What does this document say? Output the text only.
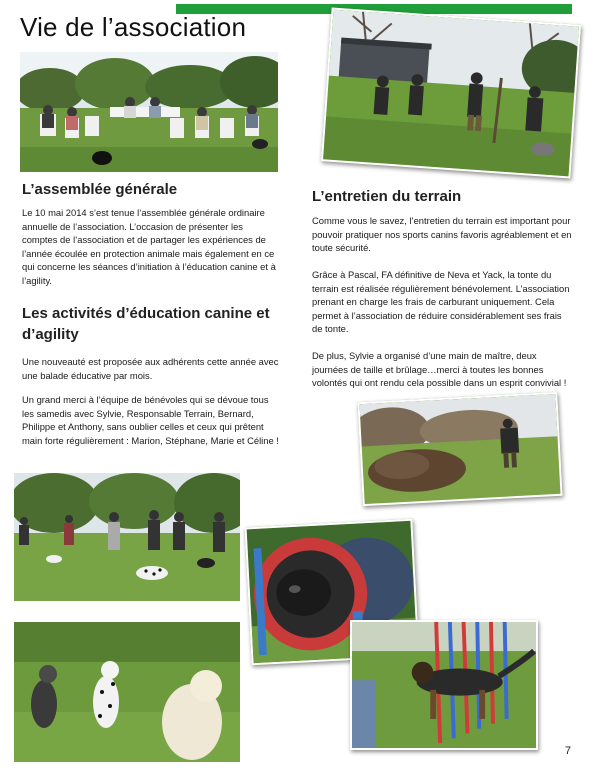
Vie de l’association
L’assemblée générale

Le 10 mai 2014 s’est tenue l’assemblée générale ordinaire annuelle de l’association. L’occasion de présenter les comptes de l’association et de partager les expériences de l’année écoulée en protection animale mais également en ce qui concerne les séances d’initiation à l’éducation canine et à l’agility.

Les activités d’éducation canine et d’agility

Une nouveauté est proposée aux adhérents cette année avec une balade éducative par mois.

Un grand merci à l’équipe de bénévoles qui se dévoue tous les samedis avec Sylvie, Responsable Terrain, Bernard, Philippe et Anthony, sans oublier celles et ceux qui prêtent main forte régulièrement : Marion, Stéphane, Marie et Céline !

L’entretien du terrain

Comme vous le savez, l’entretien du terrain est important pour pouvoir pratiquer nos sports canins favoris agréablement et en toute sécurité.

Grâce à Pascal, FA définitive de Neva et Yack, la tonte du terrain est réalisée régulièrement bénévolement. L’association prenant en charge les frais de carburant uniquement. Cela permet à l’association de réduire considérablement ses frais de tonte.

De plus, Sylvie a organisé d’une main de maître, deux journées de taille et brûlage…merci à toutes les bonnes volontés qui ont rendu cela possible dans un esprit convivial !

7
